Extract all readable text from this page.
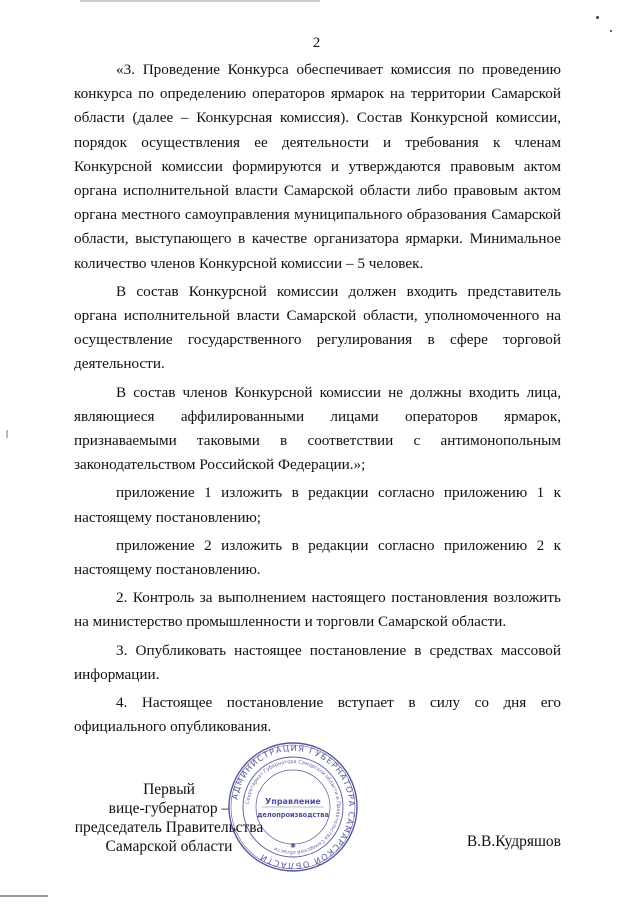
2

«3. Проведение Конкурса обеспечивает комиссия по проведению конкурса по определению операторов ярмарок на территории Самарской области (далее – Конкурсная комиссия). Состав Конкурсной комиссии, порядок осуществления ее деятельности и требования к членам Конкурсной комиссии формируются и утверждаются правовым актом органа исполнительной власти Самарской области либо правовым актом органа местного самоуправления муниципального образования Самарской области, выступающего в качестве организатора ярмарки. Минимальное количество членов Конкурсной комиссии – 5 человек.

В состав Конкурсной комиссии должен входить представитель органа исполнительной власти Самарской области, уполномоченного на осуществление государственного регулирования в сфере торговой деятельности.

В состав членов Конкурсной комиссии не должны входить лица, являющиеся аффилированными лицами операторов ярмарок, признаваемыми таковыми в соответствии с антимонопольным законодательством Российской Федерации.»;

приложение 1 изложить в редакции согласно приложению 1 к настоящему постановлению;

приложение 2 изложить в редакции согласно приложению 2 к настоящему постановлению.

2. Контроль за выполнением настоящего постановления возложить на министерство промышленности и торговли Самарской области.

3. Опубликовать настоящее постановление в средствах массовой информации.

4. Настоящее постановление вступает в силу со дня его официального опубликования.

Первый
вице-губернатор –
председатель Правительства
Самарской области	В.В.Кудряшов
АДМИНИСТРАЦИЯ ГУБЕРНАТОРА САМАРСКОЙ ОБЛАСТИ
Секретариат Губернатора Самарской области и Правительства Самарской области
Управление
делопроизводства
✱
